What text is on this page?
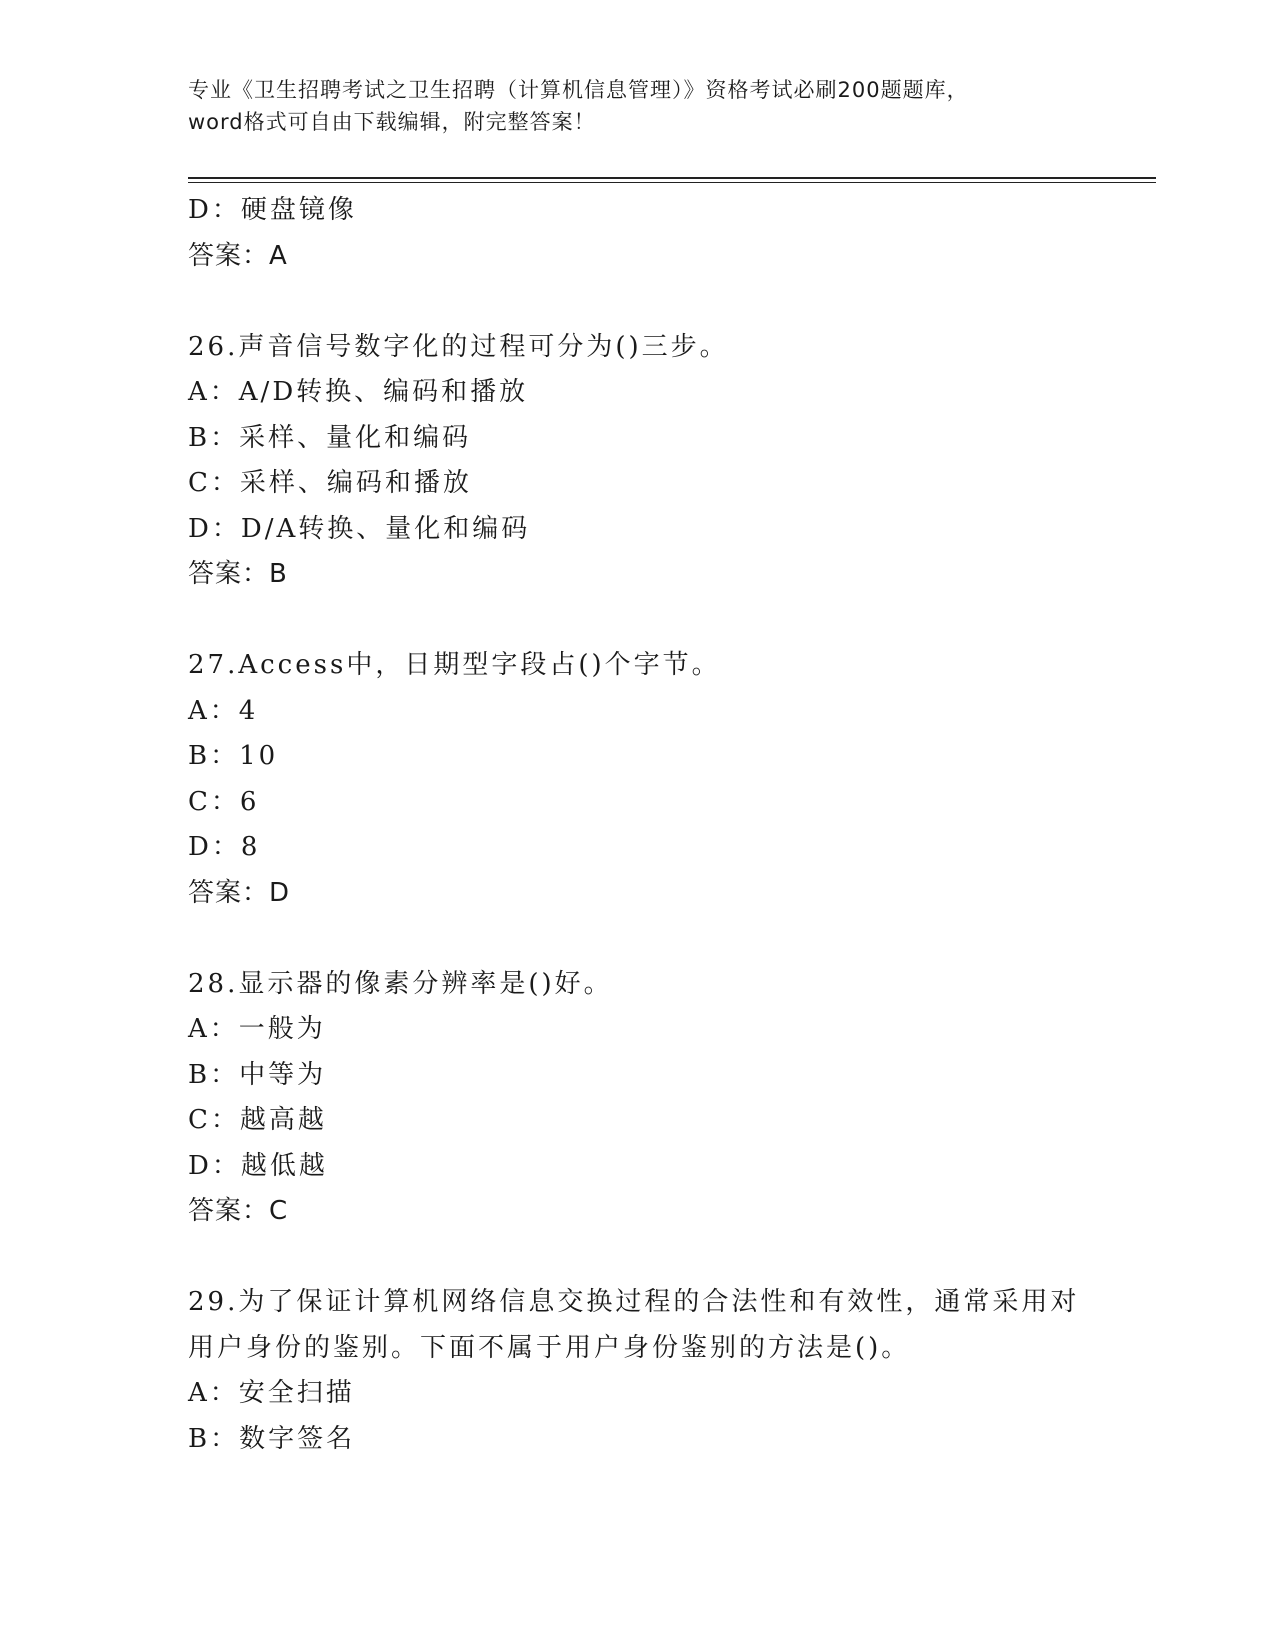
专业《卫生招聘考试之卫生招聘（计算机信息管理）》资格考试必刷200题题库，
word格式可自由下载编辑，附完整答案！
D：硬盘镜像
答案：A
26.声音信号数字化的过程可分为()三步。
A：A/D转换、编码和播放
B：采样、量化和编码
C：采样、编码和播放
D：D/A转换、量化和编码
答案：B
27.Access中，日期型字段占()个字节。
A：4
B：10
C：6
D：8
答案：D
28.显示器的像素分辨率是()好。
A：一般为
B：中等为
C：越高越
D：越低越
答案：C
29.为了保证计算机网络信息交换过程的合法性和有效性，通常采用对
用户身份的鉴别。下面不属于用户身份鉴别的方法是()。
A：安全扫描
B：数字签名
